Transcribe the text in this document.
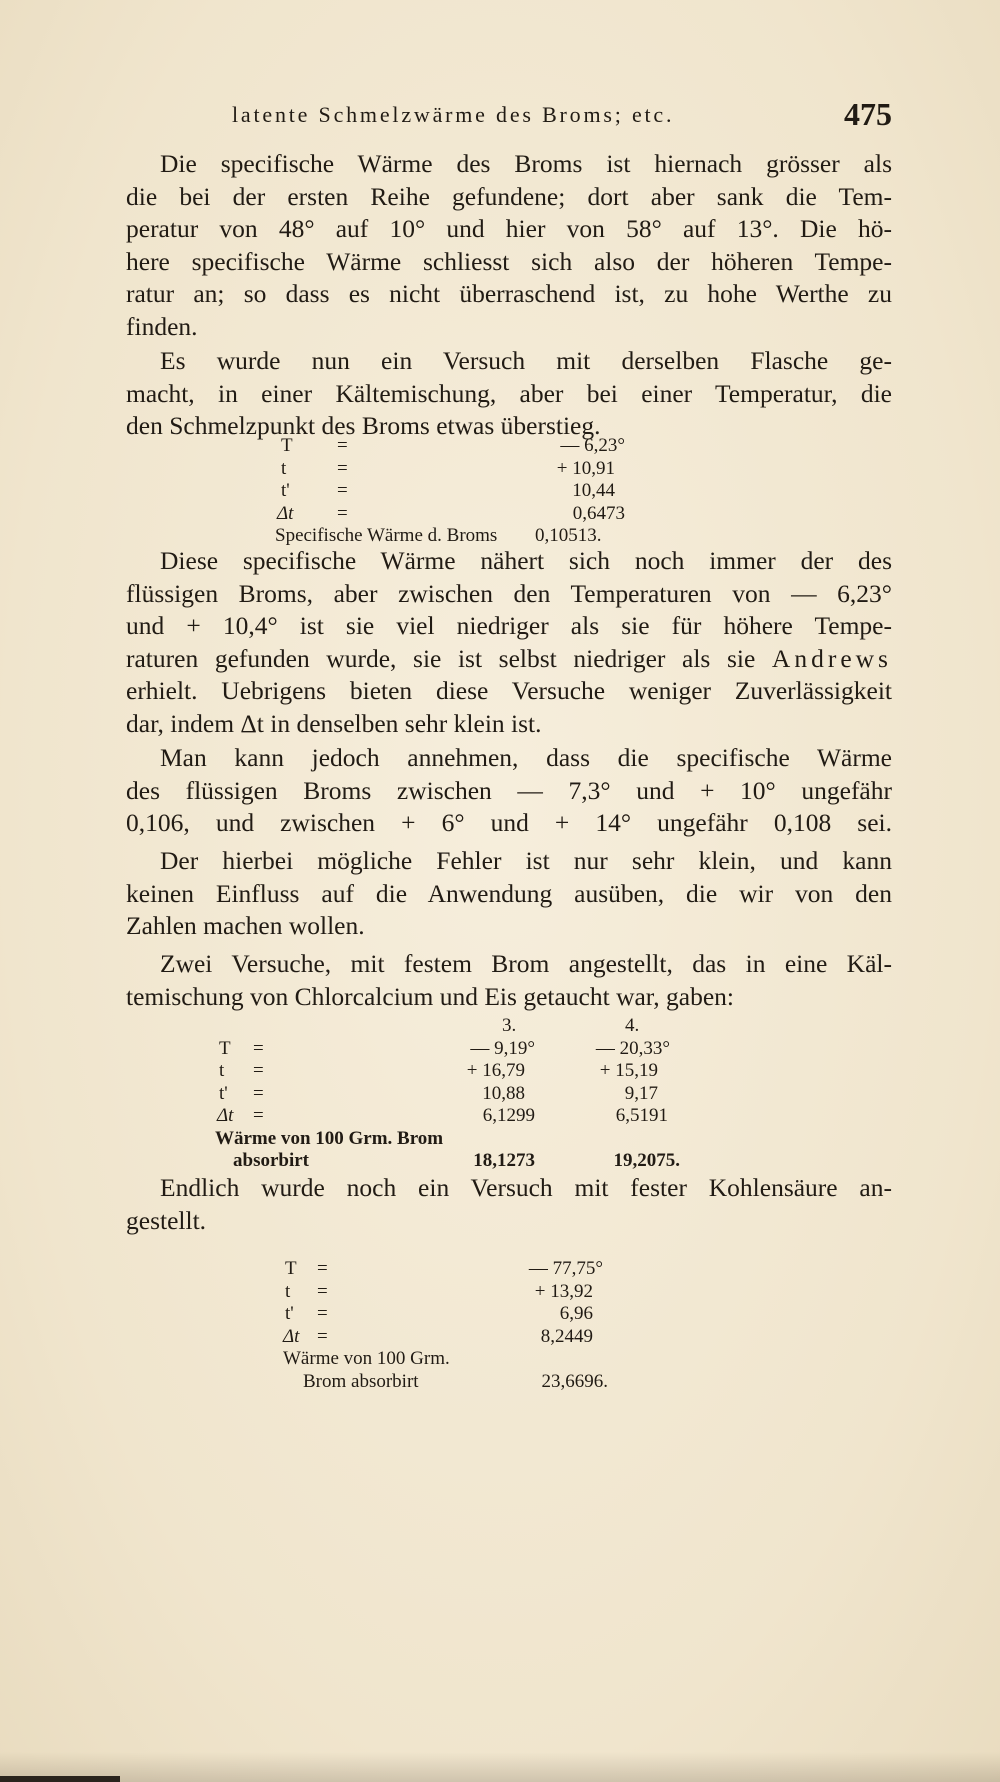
latente Schmelzwärme des Broms; etc.	475
Die specifische Wärme des Broms ist hiernach grösser als
die bei der ersten Reihe gefundene; dort aber sank die Tem-
peratur von 48° auf 10° und hier von 58° auf 13°. Die hö-
here specifische Wärme schliesst sich also der höheren Tempe-
ratur an; so dass es nicht überraschend ist, zu hohe Werthe zu
finden.
Es wurde nun ein Versuch mit derselben Flasche ge-
macht, in einer Kältemischung, aber bei einer Temperatur, die
den Schmelzpunkt des Broms etwas überstieg.
T =	— 6,23°
t	=	+ 10,91
t' =	10,44
Δt =	0,6473
Specifische Wärme d. Broms 0,10513.
Diese specifische Wärme nähert sich noch immer der des
flüssigen Broms, aber zwischen den Temperaturen von — 6,23°
und + 10,4° ist sie viel niedriger als sie für höhere Tempe-
raturen gefunden wurde, sie ist selbst niedriger als sie Andrews
erhielt. Uebrigens bieten diese Versuche weniger Zuverlässigkeit
dar, indem Δt in denselben sehr klein ist.
Man kann jedoch annehmen, dass die specifische Wärme
des flüssigen Broms zwischen — 7,3° und + 10° ungefähr
0,106, und zwischen + 6° und + 14° ungefähr 0,108 sei.
Der hierbei mögliche Fehler ist nur sehr klein, und kann
keinen Einfluss auf die Anwendung ausüben, die wir von den
Zahlen machen wollen.
Zwei Versuche, mit festem Brom angestellt, das in eine Käl-
temischung von Chlorcalcium und Eis getaucht war, gaben:
3.	4.
T =	— 9,19°	— 20,33°
t =	+ 16,79	+ 15,19
t' =	10,88	9,17
Δt =	6,1299	6,5191
Wärme von 100 Grm. Brom
absorbirt	18,1273	19,2075.
Endlich wurde noch ein Versuch mit fester Kohlensäure an-
gestellt.
T =	— 77,75°
t =	+ 13,92
t' =	6,96
Δt =	8,2449
Wärme von 100 Grm.
Brom absorbirt	23,6696.
